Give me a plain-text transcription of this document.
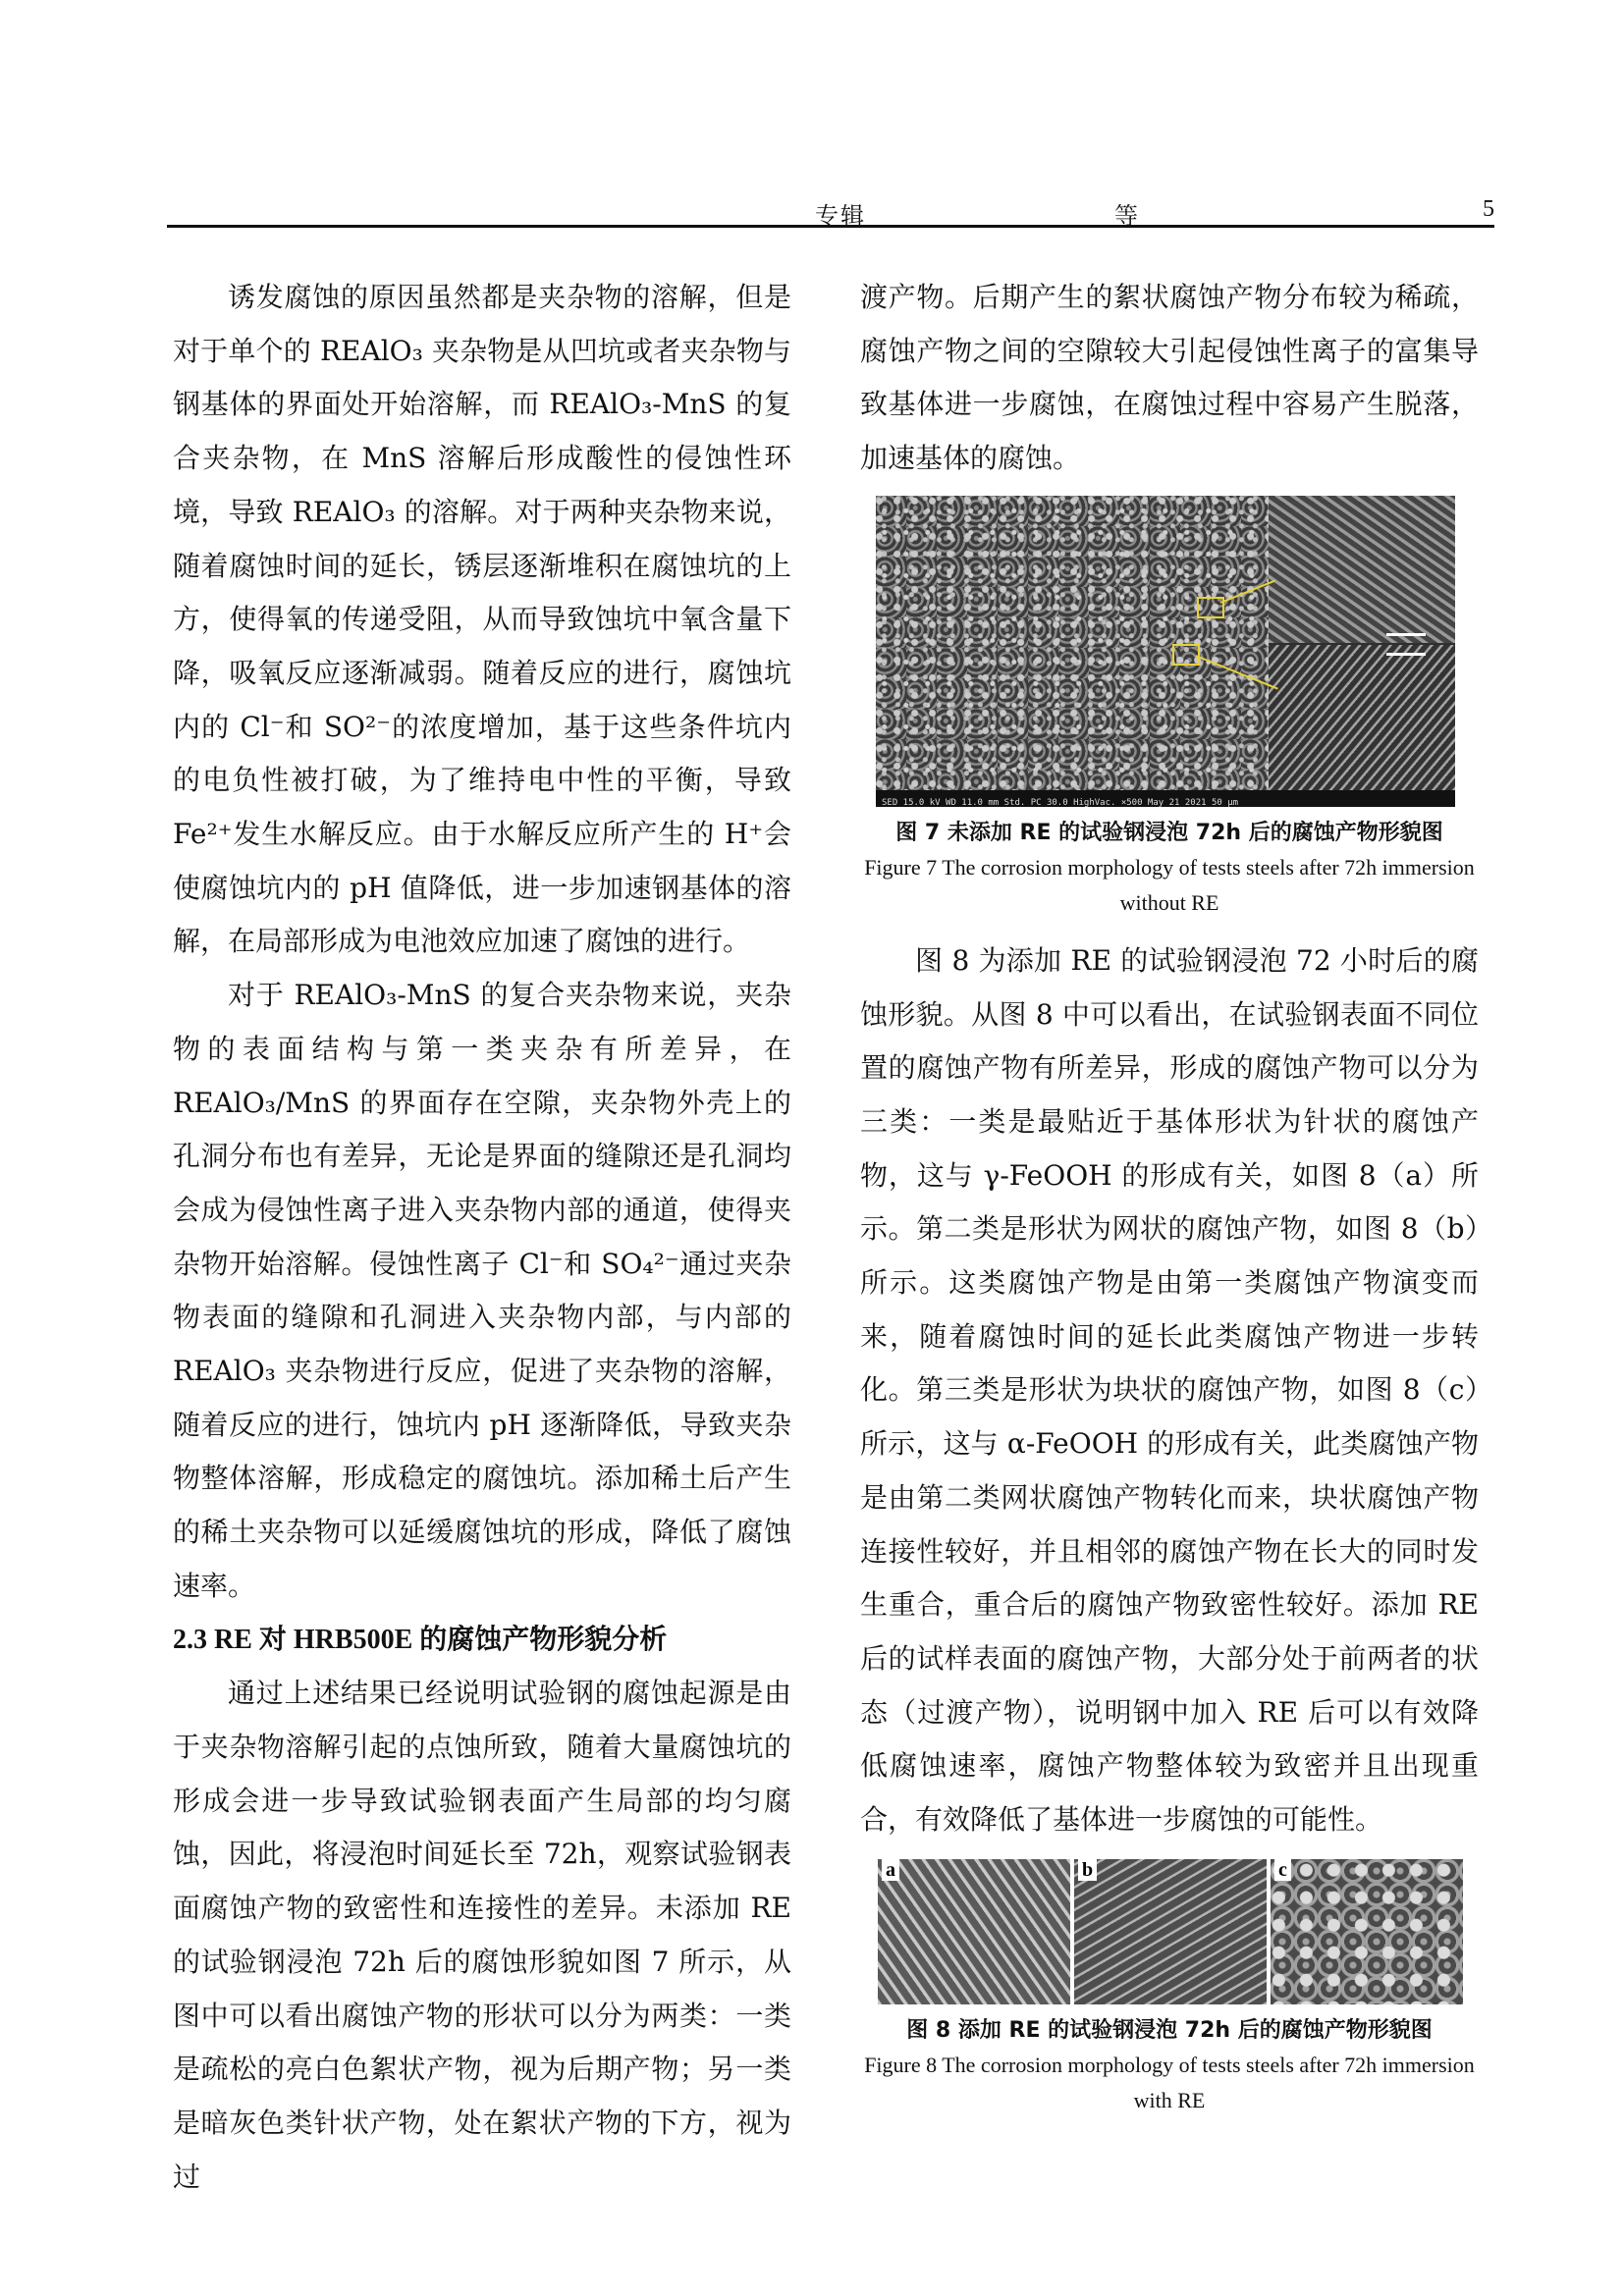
专辑	等	5

诱发腐蚀的原因虽然都是夹杂物的溶解，但是对于单个的 REAlO₃ 夹杂物是从凹坑或者夹杂物与钢基体的界面处开始溶解，而 REAlO₃-MnS 的复合夹杂物，在 MnS 溶解后形成酸性的侵蚀性环境，导致 REAlO₃ 的溶解。对于两种夹杂物来说，随着腐蚀时间的延长，锈层逐渐堆积在腐蚀坑的上方，使得氧的传递受阻，从而导致蚀坑中氧含量下降，吸氧反应逐渐减弱。随着反应的进行，腐蚀坑内的 Cl⁻和 SO²⁻的浓度增加，基于这些条件坑内的电负性被打破，为了维持电中性的平衡，导致 Fe²⁺发生水解反应。由于水解反应所产生的 H⁺会使腐蚀坑内的 pH 值降低，进一步加速钢基体的溶解，在局部形成为电池效应加速了腐蚀的进行。

对于 REAlO₃-MnS 的复合夹杂物来说，夹杂物的表面结构与第一类夹杂有所差异，在 REAlO₃/MnS 的界面存在空隙，夹杂物外壳上的孔洞分布也有差异，无论是界面的缝隙还是孔洞均会成为侵蚀性离子进入夹杂物内部的通道，使得夹杂物开始溶解。侵蚀性离子 Cl⁻和 SO₄²⁻通过夹杂物表面的缝隙和孔洞进入夹杂物内部，与内部的 REAlO₃ 夹杂物进行反应，促进了夹杂物的溶解，随着反应的进行，蚀坑内 pH 逐渐降低，导致夹杂物整体溶解，形成稳定的腐蚀坑。添加稀土后产生的稀土夹杂物可以延缓腐蚀坑的形成，降低了腐蚀速率。

2.3 RE 对 HRB500E 的腐蚀产物形貌分析

通过上述结果已经说明试验钢的腐蚀起源是由于夹杂物溶解引起的点蚀所致，随着大量腐蚀坑的形成会进一步导致试验钢表面产生局部的均匀腐蚀，因此，将浸泡时间延长至 72h，观察试验钢表面腐蚀产物的致密性和连接性的差异。未添加 RE 的试验钢浸泡 72h 后的腐蚀形貌如图 7 所示，从图中可以看出腐蚀产物的形状可以分为两类：一类是疏松的亮白色絮状产物，视为后期产物；另一类是暗灰色类针状产物，处在絮状产物的下方，视为过

渡产物。后期产生的絮状腐蚀产物分布较为稀疏，腐蚀产物之间的空隙较大引起侵蚀性离子的富集导致基体进一步腐蚀，在腐蚀过程中容易产生脱落，加速基体的腐蚀。

SED 15.0 kV WD 11.0 mm Std. PC 30.0 HighVac. ×500 May 21 2021 50 μm
图 7 未添加 RE 的试验钢浸泡 72h 后的腐蚀产物形貌图
Figure 7 The corrosion morphology of tests steels after 72h immersion without RE

图 8 为添加 RE 的试验钢浸泡 72 小时后的腐蚀形貌。从图 8 中可以看出，在试验钢表面不同位置的腐蚀产物有所差异，形成的腐蚀产物可以分为三类：一类是最贴近于基体形状为针状的腐蚀产物，这与 γ-FeOOH 的形成有关，如图 8（a）所示。第二类是形状为网状的腐蚀产物，如图 8（b）所示。这类腐蚀产物是由第一类腐蚀产物演变而来，随着腐蚀时间的延长此类腐蚀产物进一步转化。第三类是形状为块状的腐蚀产物，如图 8（c）所示，这与 α-FeOOH 的形成有关，此类腐蚀产物是由第二类网状腐蚀产物转化而来，块状腐蚀产物连接性较好，并且相邻的腐蚀产物在长大的同时发生重合，重合后的腐蚀产物致密性较好。添加 RE 后的试样表面的腐蚀产物，大部分处于前两者的状态（过渡产物），说明钢中加入 RE 后可以有效降低腐蚀速率，腐蚀产物整体较为致密并且出现重合，有效降低了基体进一步腐蚀的可能性。

a	b	c
图 8 添加 RE 的试验钢浸泡 72h 后的腐蚀产物形貌图
Figure 8 The corrosion morphology of tests steels after 72h immersion with RE
